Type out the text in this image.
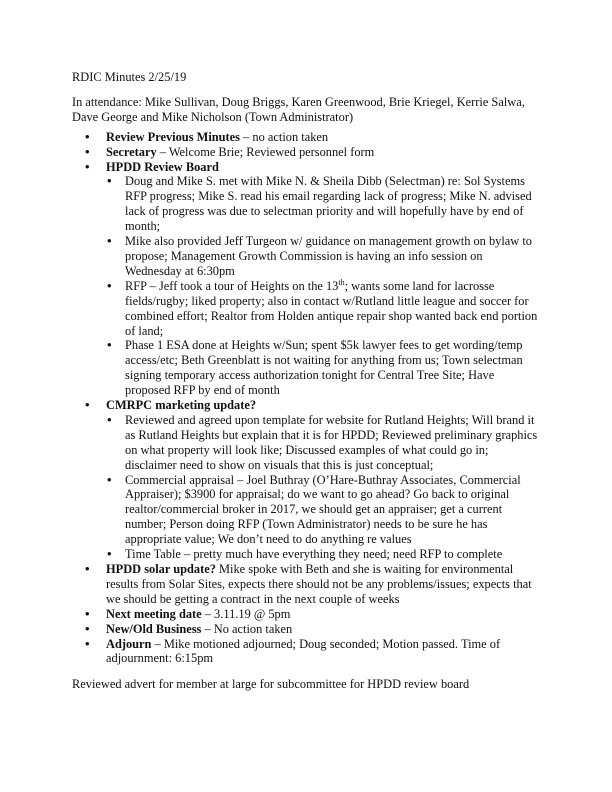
RDIC Minutes 2/25/19

In attendance: Mike Sullivan, Doug Briggs, Karen Greenwood, Brie Kriegel, Kerrie Salwa, Dave George and Mike Nicholson (Town Administrator)

• Review Previous Minutes – no action taken
• Secretary – Welcome Brie; Reviewed personnel form
• HPDD Review Board
• Doug and Mike S. met with Mike N. & Sheila Dibb (Selectman) re: Sol Systems RFP progress; Mike S. read his email regarding lack of progress; Mike N. advised lack of progress was due to selectman priority and will hopefully have by end of month;
• Mike also provided Jeff Turgeon w/ guidance on management growth on bylaw to propose; Management Growth Commission is having an info session on Wednesday at 6:30pm
• RFP – Jeff took a tour of Heights on the 13th; wants some land for lacrosse fields/rugby; liked property; also in contact w/Rutland little league and soccer for combined effort; Realtor from Holden antique repair shop wanted back end portion of land;
• Phase 1 ESA done at Heights w/Sun; spent $5k lawyer fees to get wording/temp access/etc; Beth Greenblatt is not waiting for anything from us; Town selectman signing temporary access authorization tonight for Central Tree Site; Have proposed RFP by end of month
• CMRPC marketing update?
• Reviewed and agreed upon template for website for Rutland Heights; Will brand it as Rutland Heights but explain that it is for HPDD; Reviewed preliminary graphics on what property will look like; Discussed examples of what could go in; disclaimer need to show on visuals that this is just conceptual;
• Commercial appraisal – Joel Buthray (O’Hare-Buthray Associates, Commercial Appraiser); $3900 for appraisal; do we want to go ahead? Go back to original realtor/commercial broker in 2017, we should get an appraiser; get a current number; Person doing RFP (Town Administrator) needs to be sure he has appropriate value; We don’t need to do anything re values
• Time Table – pretty much have everything they need; need RFP to complete
• HPDD solar update? Mike spoke with Beth and she is waiting for environmental results from Solar Sites, expects there should not be any problems/issues; expects that we should be getting a contract in the next couple of weeks
• Next meeting date – 3.11.19 @ 5pm
• New/Old Business – No action taken
• Adjourn – Mike motioned adjourned; Doug seconded; Motion passed. Time of adjournment: 6:15pm

Reviewed advert for member at large for subcommittee for HPDD review board
